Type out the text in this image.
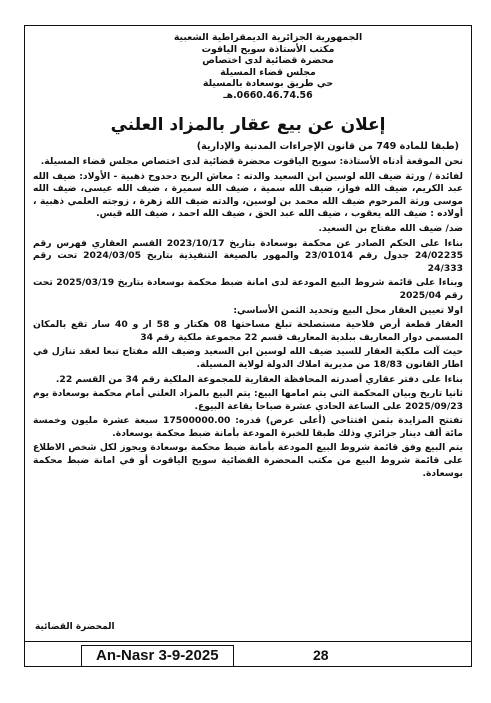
الجمهورية الجزائرية الديمقراطية الشعبية
مكتب الأستاذة سويح الياقوت
محضرة قضائية لدى اختصاص
مجلس قضاء المسيلة
حي طريق بوسعادة بالمسيلة
0660.46.74.56.هـ
إعلان عن بيع عقار بالمزاد العلني
(طبقا للمادة 749 من قانون الإجراءات المدنية والإدارية)

نحن الموقعة أدناه الأستاذة: سويح الياقوت محضرة قضائية لدى اختصاص مجلس قضاء المسيلة.

لفائدة / ورثة ضيف الله لوسين ابن السعيد والدته : معاش الربح دحدوح ذهبية - الأولاد: ضيف الله عبد الكريم، ضيف الله فواز، ضيف الله سمية ، ضيف الله سميرة ، ضيف الله عيسى، ضيف الله موسى ورثة المرحوم ضيف الله محمد بن لوسين، والدته ضيف الله زهرة ، زوجته العلمي ذهبية ، أولاده : ضيف الله يعقوب ، ضيف الله عبد الحق ، ضيف الله احمد ، ضيف الله قيس.

ضد/ ضيف الله مفتاح بن السعيد.

بناءا على الحكم الصادر عن محكمة بوسعادة بتاريخ 2023/10/17 القسم العقاري فهرس رقم 24/02235 جدول رقم 23/01014 والمهور بالصيغة التنفيذية بتاريخ 2024/03/05 تحت رقم 24/333

وبناءا على قائمة شروط البيع المودعة لدى امانة ضبط محكمة بوسعادة بتاريخ 2025/03/19 تحت رقم 2025/04

اولا تعيين العقار محل البيع وتحديد الثمن الأساسي:

العقار قطعة أرض فلاحية مستصلحة تبلغ مساحتها 08 هكتار و 58 ار و 40 سار تقع بالمكان المسمى دوار المعاريف ببلدية المعاريف قسم 22 مجموعة ملكية رقم 34

حيث آلت ملكية العقار للسيد ضيف الله لوسين ابن السعيد وضيف الله مفتاح تبعا لعقد تنازل في اطار القانون 18/83 من مديرية املاك الدولة لولاية المسيلة.

بناءا على دفتر عقاري أصدرته المحافظة العقارية للمجموعة الملكية رقم 34 من القسم 22.

ثانيا تاريخ وبيان المحكمة التي يتم امامها البيع: يتم البيع بالمزاد العلني أمام محكمة بوسعادة يوم 2025/09/23 على الساعة الحادي عشرة صباحا بقاعة البيوع.

تفتتح المزايدة بثمن افتتاحي (أعلى عرض) قدره: 17500000.00 سبعة عشرة مليون وخمسة مائة ألف دينار جزائري وذلك طبقا للخبرة المودعة بأمانة ضبط محكمة بوسعادة.

يتم البيع وفق قائمة شروط البيع المودعة بأمانة ضبط محكمة بوسعادة ويجوز لكل شخص الاطلاع على قائمة شروط البيع من مكتب المحضرة القضائية سويح الياقوت أو في امانة ضبط محكمة بوسعادة.

المحضرة القضائية
An-Nasr 3-9-2025	28
